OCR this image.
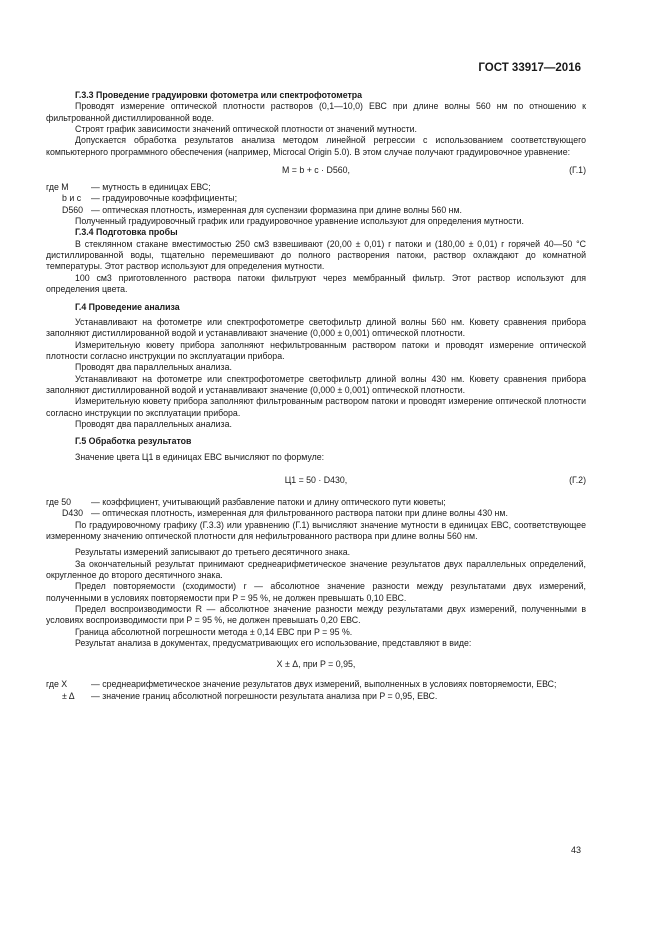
ГОСТ 33917—2016

Г.3.3 Проведение градуировки фотометра или спектрофотометра

Проводят измерение оптической плотности растворов (0,1—10,0) ЕВС при длине волны 560 нм по отношению к фильтрованной дистиллированной воде.

Строят график зависимости значений оптической плотности от значений мутности.

Допускается обработка результатов анализа методом линейной регрессии с использованием соответствующего компьютерного программного обеспечения (например, Microcal Origin 5.0). В этом случае получают градуировочное уравнение:

M = b + c · D560,	(Г.1)
где M	— мутность в единицах ЕВС;
b и c	— градуировочные коэффициенты;
D560 — оптическая плотность, измеренная для суспензии формазина при длине волны 560 нм.

Полученный градуировочный график или градуировочное уравнение используют для определения мутности.

Г.3.4 Подготовка пробы

В стеклянном стакане вместимостью 250 см3 взвешивают (20,00 ± 0,01) г патоки и (180,00 ± 0,01) г горячей 40—50 °С дистиллированной воды, тщательно перемешивают до полного растворения патоки, раствор охлаждают до комнатной температуры. Этот раствор используют для определения мутности.

100 см3 приготовленного раствора патоки фильтруют через мембранный фильтр. Этот раствор используют для определения цвета.

Г.4 Проведение анализа

Устанавливают на фотометре или спектрофотометре светофильтр длиной волны 560 нм. Кювету сравнения прибора заполняют дистиллированной водой и устанавливают значение (0,000 ± 0,001) оптической плотности.

Измерительную кювету прибора заполняют нефильтрованным раствором патоки и проводят измерение оптической плотности согласно инструкции по эксплуатации прибора.

Проводят два параллельных анализа.

Устанавливают на фотометре или спектрофотометре светофильтр длиной волны 430 нм. Кювету сравнения прибора заполняют дистиллированной водой и устанавливают значение (0,000 ± 0,001) оптической плотности.

Измерительную кювету прибора заполняют фильтрованным раствором патоки и проводят измерение оптической плотности согласно инструкции по эксплуатации прибора.

Проводят два параллельных анализа.

Г.5 Обработка результатов

Значение цвета Ц1 в единицах ЕВС вычисляют по формуле:

Ц1 = 50 · D430,	(Г.2)
где 50	— коэффициент, учитывающий разбавление патоки и длину оптического пути кюветы;
D430 — оптическая плотность, измеренная для фильтрованного раствора патоки при длине волны 430 нм.

По градуировочному графику (Г.3.3) или уравнению (Г.1) вычисляют значение мутности в единицах ЕВС, соответствующее измеренному значению оптической плотности для нефильтрованного раствора при длине волны 560 нм.

Результаты измерений записывают до третьего десятичного знака.

За окончательный результат принимают среднеарифметическое значение результатов двух параллельных определений, округленное до второго десятичного знака.

Предел повторяемости (сходимости) r — абсолютное значение разности между результатами двух измерений, полученными в условиях повторяемости при P = 95 %, не должен превышать 0,10 ЕВС.

Предел воспроизводимости R — абсолютное значение разности между результатами двух измерений, полученными в условиях воспроизводимости при P = 95 %, не должен превышать 0,20 ЕВС.

Граница абсолютной погрешности метода ± 0,14 ЕВС при P = 95 %.

Результат анализа в документах, предусматривающих его использование, представляют в виде:

X ± Δ, при P = 0,95,
где X	— среднеарифметическое значение результатов двух измерений, выполненных в условиях повторяемости, ЕВС;
± Δ	— значение границ абсолютной погрешности результата анализа при P = 0,95, ЕВС.
43
